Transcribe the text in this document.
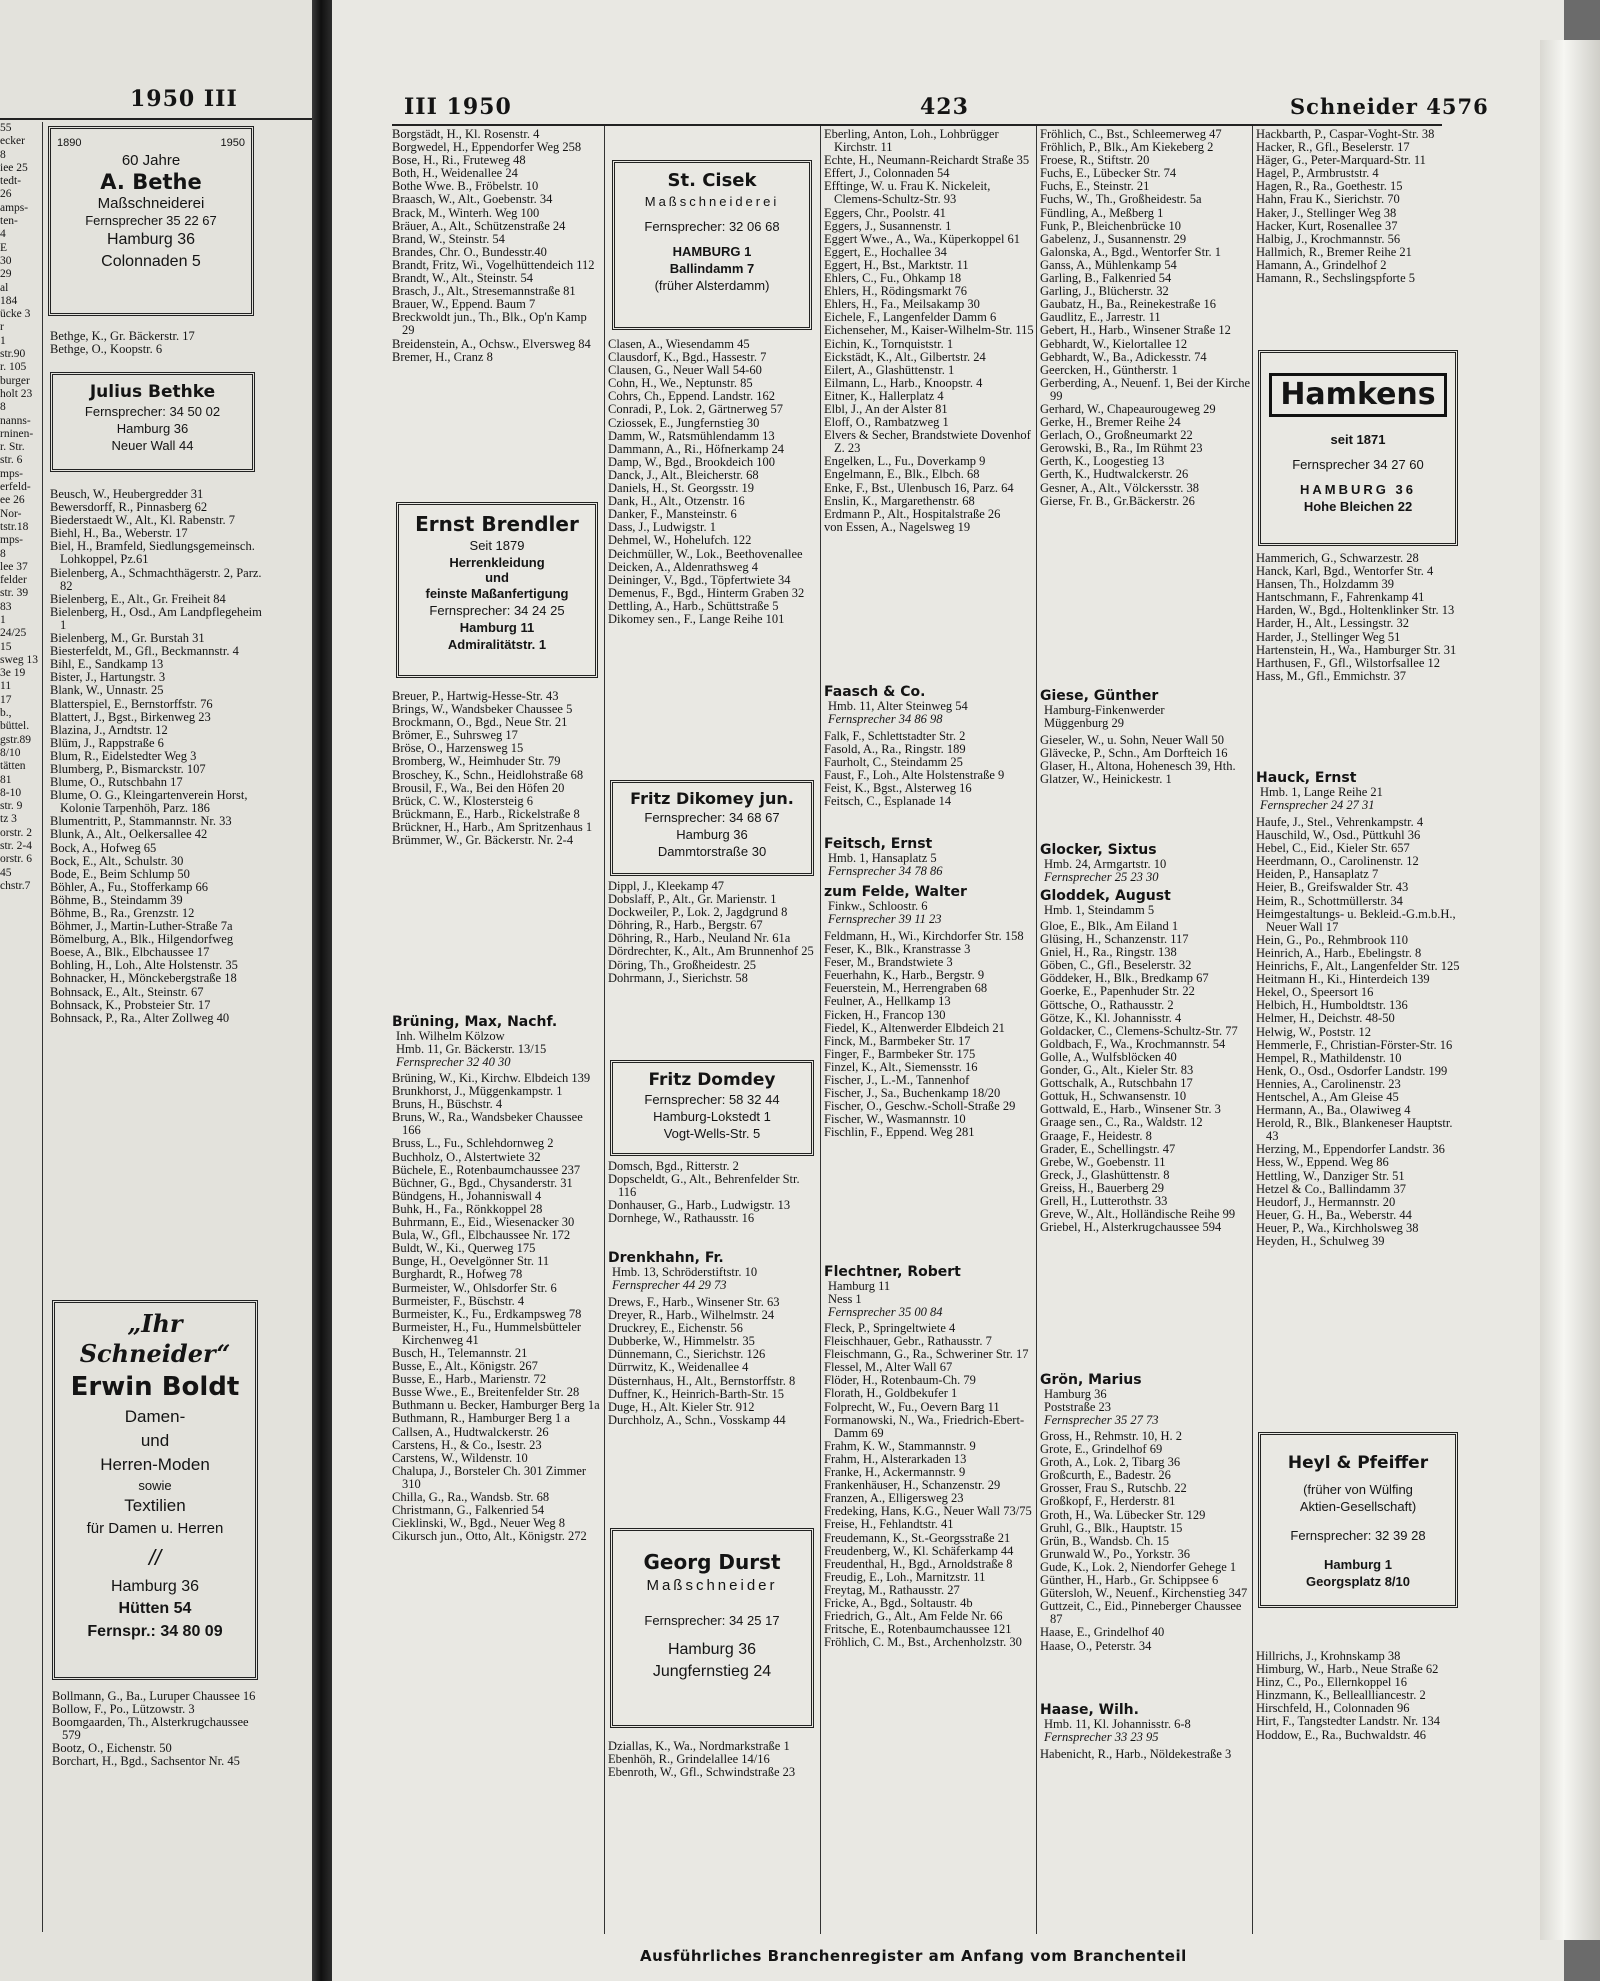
1950 III
55
ecker
8
iee 25
tedt-
26
amps-
ten-
4
E
30
29
al
184
ücke 3
r
1
str.90
r. 105
burger
holt 23
8
nanns-
rninen-
r. Str.
str. 6
mps-
erfeld-
ee 26
Nor-
tstr.18
mps-
8
lee 37
felder
str. 39
83
1
24/25
15
sweg 13
3e 19
11
17
b.,
büttel.
gstr.89
8/10
tätten
81
8-10
str. 9
tz 3
orstr. 2
str. 2-4
orstr. 6
45
chstr.7
1890	1950
60 Jahre
A. Bethe
Maßschneiderei
Fernsprecher 35 22 67
Hamburg 36
Colonnaden 5
Bethge, K., Gr. Bäckerstr. 17
Bethge, O., Koopstr. 6
Julius Bethke
Fernsprecher: 34 50 02
Hamburg 36
Neuer Wall 44
Beusch, W., Heubergredder 31
Bewersdorff, R., Pinnasberg 62
Biederstaedt W., Alt., Kl. Rabenstr. 7
Biehl, H., Ba., Weberstr. 17
Biel, H., Bramfeld, Siedlungsgemeinsch. Lohkoppel, Pz.61
Bielenberg, A., Schmachthägerstr. 2, Parz. 82
Bielenberg, E., Alt., Gr. Freiheit 84
Bielenberg, H., Osd., Am Landpflegeheim 1
Bielenberg, M., Gr. Burstah 31
Biesterfeldt, M., Gfl., Beckmannstr. 4
Bihl, E., Sandkamp 13
Bister, J., Hartungstr. 3
Blank, W., Unnastr. 25
Blatterspiel, E., Bernstorffstr. 76
Blattert, J., Bgst., Birkenweg 23
Blazina, J., Arndtstr. 12
Blüm, J., Rappstraße 6
Blum, R., Eidelstedter Weg 3
Blumberg, P., Bismarckstr. 107
Blume, O., Rutschbahn 17
Blume, O. G., Kleingartenverein Horst, Kolonie Tarpenhöh, Parz. 186
Blumentritt, P., Stammannstr. Nr. 33
Blunk, A., Alt., Oelkersallee 42
Bock, A., Hofweg 65
Bock, E., Alt., Schulstr. 30
Bode, E., Beim Schlump 50
Böhler, A., Fu., Stofferkamp 66
Böhme, B., Steindamm 39
Böhme, B., Ra., Grenzstr. 12
Böhmer, J., Martin-Luther-Straße 7a
Bömelburg, A., Blk., Hilgendorfweg
Boese, A., Blk., Elbchaussee 17
Bohling, H., Loh., Alte Holstenstr. 35
Bohnacker, H., Mönckebergstraße 18
Bohnsack, E., Alt., Steinstr. 67
Bohnsack, K., Probsteier Str. 17
Bohnsack, P., Ra., Alter Zollweg 40
„Ihr Schneider“
Erwin Boldt
Damen-
und
Herren-Moden
sowie
Textilien
für Damen u. Herren
//
Hamburg 36
Hütten 54
Fernspr.: 34 80 09
Bollmann, G., Ba., Luruper Chaussee 16
Bollow, F., Po., Lützowstr. 3
Boomgaarden, Th., Alsterkrugchaussee 579
Bootz, O., Eichenstr. 50
Borchart, H., Bgd., Sachsentor Nr. 45
III 1950	423	Schneider 4576
Borgstädt, H., Kl. Rosenstr. 4
Borgwedel, H., Eppendorfer Weg 258
Bose, H., Ri., Fruteweg 48
Both, H., Weidenallee 24
Bothe Wwe. B., Fröbelstr. 10
Braasch, W., Alt., Goebenstr. 34
Brack, M., Winterh. Weg 100
Bräuer, A., Alt., Schützenstraße 24
Brand, W., Steinstr. 54
Brandes, Chr. O., Bundesstr.40
Brandt, Fritz, Wi., Vogelhüttendeich 112
Brandt, W., Alt., Steinstr. 54
Brasch, J., Alt., Stresemannstraße 81
Brauer, W., Eppend. Baum 7
Breckwoldt jun., Th., Blk., Op'n Kamp 29
Breidenstein, A., Ochsw., Elversweg 84
Bremer, H., Cranz 8
Ernst Brendler
Seit 1879
Herrenkleidung
und
feinste Maßanfertigung
Fernsprecher: 34 24 25
Hamburg 11
Admiralitätstr. 1
Breuer, P., Hartwig-Hesse-Str. 43
Brings, W., Wandsbeker Chaussee 5
Brockmann, O., Bgd., Neue Str. 21
Brömer, E., Suhrsweg 17
Bröse, O., Harzensweg 15
Bromberg, W., Heimhuder Str. 79
Broschey, K., Schn., Heidlohstraße 68
Brousil, F., Wa., Bei den Höfen 20
Brück, C. W., Klostersteig 6
Brückmann, E., Harb., Rickelstraße 8
Brückner, H., Harb., Am Spritzenhaus 1
Brümmer, W., Gr. Bäckerstr. Nr. 2-4
Brüning, Max, Nachf.
Inh. Wilhelm Kölzow
Hmb. 11, Gr. Bäckerstr. 13/15
Fernsprecher 32 40 30
Brüning, W., Ki., Kirchw. Elbdeich 139
Brunkhorst, J., Müggenkampstr. 1
Bruns, H., Büschstr. 4
Bruns, W., Ra., Wandsbeker Chaussee 166
Bruss, L., Fu., Schlehdornweg 2
Buchholz, O., Alstertwiete 32
Büchele, E., Rotenbaumchaussee 237
Büchner, G., Bgd., Chysanderstr. 31
Bündgens, H., Johanniswall 4
Buhk, H., Fa., Rönkkoppel 28
Buhrmann, E., Eid., Wiesenacker 30
Bula, W., Gfl., Elbchaussee Nr. 172
Buldt, W., Ki., Querweg 175
Bunge, H., Oevelgönner Str. 11
Burghardt, R., Hofweg 78
Burmeister, W., Ohlsdorfer Str. 6
Burmeister, F., Büschstr. 4
Burmeister, K., Fu., Erdkampsweg 78
Burmeister, H., Fu., Hummelsbütteler Kirchenweg 41
Busch, H., Telemannstr. 21
Busse, E., Alt., Königstr. 267
Busse, E., Harb., Marienstr. 72
Busse Wwe., E., Breitenfelder Str. 28
Buthmann u. Becker, Hamburger Berg 1a
Buthmann, R., Hamburger Berg 1 a
Callsen, A., Hudtwalckerstr. 26
Carstens, H., & Co., Isestr. 23
Carstens, W., Wildenstr. 10
Chalupa, J., Borsteler Ch. 301 Zimmer 310
Chilla, G., Ra., Wandsb. Str. 68
Christmann, G., Falkenried 54
Cieklinski, W., Bgd., Neuer Weg 8
Cikursch jun., Otto, Alt., Königstr. 272
St. Cisek
Maßschneiderei
Fernsprecher: 32 06 68
HAMBURG 1
Ballindamm 7
(früher Alsterdamm)
Clasen, A., Wiesendamm 45
Clausdorf, K., Bgd., Hassestr. 7
Clausen, G., Neuer Wall 54-60
Cohn, H., We., Neptunstr. 85
Cohrs, Ch., Eppend. Landstr. 162
Conradi, P., Lok. 2, Gärtnerweg 57
Cziossek, E., Jungfernstieg 30
Damm, W., Ratsmühlendamm 13
Dammann, A., Ri., Höfnerkamp 24
Damp, W., Bgd., Brookdeich 100
Danck, J., Alt., Bleicherstr. 68
Daniels, H., St. Georgsstr. 19
Dank, H., Alt., Otzenstr. 16
Danker, F., Mansteinstr. 6
Dass, J., Ludwigstr. 1
Dehmel, W., Hohelufch. 122
Deichmüller, W., Lok., Beethovenallee
Deicken, A., Aldenrathsweg 4
Deininger, V., Bgd., Töpfertwiete 34
Demenus, F., Bgd., Hinterm Graben 32
Dettling, A., Harb., Schüttstraße 5
Dikomey sen., F., Lange Reihe 101
Fritz Dikomey jun.
Fernsprecher: 34 68 67
Hamburg 36
Dammtorstraße 30
Dippl, J., Kleekamp 47
Dobslaff, P., Alt., Gr. Marienstr. 1
Dockweiler, P., Lok. 2, Jagdgrund 8
Döhring, R., Harb., Bergstr. 67
Döhring, R., Harb., Neuland Nr. 61a
Dördrechter, K., Alt., Am Brunnenhof 25
Döring, Th., Großheidestr. 25
Dohrmann, J., Sierichstr. 58
Fritz Domdey
Fernsprecher: 58 32 44
Hamburg-Lokstedt 1
Vogt-Wells-Str. 5
Domsch, Bgd., Ritterstr. 2
Dopscheldt, G., Alt., Behrenfelder Str. 116
Donhauser, G., Harb., Ludwigstr. 13
Dornhege, W., Rathausstr. 16
Drenkhahn, Fr.
Hmb. 13, Schröderstiftstr. 10
Fernsprecher 44 29 73
Drews, F., Harb., Winsener Str. 63
Dreyer, R., Harb., Wilhelmstr. 24
Druckrey, E., Eichenstr. 56
Dubberke, W., Himmelstr. 35
Dünnemann, C., Sierichstr. 126
Dürrwitz, K., Weidenallee 4
Düsternhaus, H., Alt., Bernstorffstr. 8
Duffner, K., Heinrich-Barth-Str. 15
Duge, H., Alt. Kieler Str. 912
Durchholz, A., Schn., Vosskamp 44
Georg Durst
Maßschneider
Fernsprecher: 34 25 17
Hamburg 36
Jungfernstieg 24
Dziallas, K., Wa., Nordmarkstraße 1
Ebenhöh, R., Grindelallee 14/16
Ebenroth, W., Gfl., Schwindstraße 23
Eberling, Anton, Loh., Lohbrügger Kirchstr. 11
Echte, H., Neumann-Reichardt Straße 35
Effert, J., Colonnaden 54
Efftinge, W. u. Frau K. Nickeleit, Clemens-Schultz-Str. 93
Eggers, Chr., Poolstr. 41
Eggers, J., Susannenstr. 1
Eggert Wwe., A., Wa., Küperkoppel 61
Eggert, E., Hochallee 34
Eggert, H., Bst., Marktstr. 11
Ehlers, C., Fu., Ohkamp 18
Ehlers, H., Rödingsmarkt 76
Ehlers, H., Fa., Meilsakamp 30
Eichele, F., Langenfelder Damm 6
Eichenseher, M., Kaiser-Wilhelm-Str. 115
Eichin, K., Tornquiststr. 1
Eickstädt, K., Alt., Gilbertstr. 24
Eilert, A., Glashüttenstr. 1
Eilmann, L., Harb., Knoopstr. 4
Eitner, K., Hallerplatz 4
Elbl, J., An der Alster 81
Eloff, O., Rambatzweg 1
Elvers & Secher, Brandstwiete Dovenhof Z. 23
Engelken, L., Fu., Doverkamp 9
Engelmann, E., Blk., Elbch. 68
Enke, F., Bst., Ulenbusch 16, Parz. 64
Enslin, K., Margarethenstr. 68
Erdmann P., Alt., Hospitalstraße 26
von Essen, A., Nagelsweg 19
Faasch & Co.
Hmb. 11, Alter Steinweg 54
Fernsprecher 34 86 98
Falk, F., Schlettstadter Str. 2
Fasold, A., Ra., Ringstr. 189
Faurholt, C., Steindamm 25
Faust, F., Loh., Alte Holstenstraße 9
Feist, K., Bgst., Alsterweg 16
Feitsch, C., Esplanade 14
Feitsch, Ernst
Hmb. 1, Hansaplatz 5
Fernsprecher 34 78 86
zum Felde, Walter
Finkw., Schloostr. 6
Fernsprecher 39 11 23
Feldmann, H., Wi., Kirchdorfer Str. 158
Feser, K., Blk., Kranstrasse 3
Feser, M., Brandstwiete 3
Feuerhahn, K., Harb., Bergstr. 9
Feuerstein, M., Herrengraben 68
Feulner, A., Hellkamp 13
Ficken, H., Francop 130
Fiedel, K., Altenwerder Elbdeich 21
Finck, M., Barmbeker Str. 17
Finger, F., Barmbeker Str. 175
Finzel, K., Alt., Siemensstr. 16
Fischer, J., L.-M., Tannenhof
Fischer, J., Sa., Buchenkamp 18/20
Fischer, O., Geschw.-Scholl-Straße 29
Fischer, W., Wasmannstr. 10
Fischlin, F., Eppend. Weg 281
Flechtner, Robert
Hamburg 11
Ness 1
Fernsprecher 35 00 84
Fleck, P., Springeltwiete 4
Fleischhauer, Gebr., Rathausstr. 7
Fleischmann, G., Ra., Schweriner Str. 17
Flessel, M., Alter Wall 67
Flöder, H., Rotenbaum-Ch. 79
Florath, H., Goldbekufer 1
Folprecht, W., Fu., Oevern Barg 11
Formanowski, N., Wa., Friedrich-Ebert-Damm 69
Frahm, K. W., Stammannstr. 9
Frahm, H., Alsterarkaden 13
Franke, H., Ackermannstr. 9
Frankenhäuser, H., Schanzenstr. 29
Franzen, A., Elligersweg 23
Fredeking, Hans, K.G., Neuer Wall 73/75
Freise, H., Fehlandtstr. 41
Freudemann, K., St.-Georgsstraße 21
Freudenberg, W., Kl. Schäferkamp 44
Freudenthal, H., Bgd., Arnoldstraße 8
Freudig, E., Loh., Marnitzstr. 11
Freytag, M., Rathausstr. 27
Fricke, A., Bgd., Soltaustr. 4b
Friedrich, G., Alt., Am Felde Nr. 66
Fritsche, E., Rotenbaumchaussee 121
Fröhlich, C. M., Bst., Archenholzstr. 30
Fröhlich, C., Bst., Schleemerweg 47
Fröhlich, P., Blk., Am Kiekeberg 2
Froese, R., Stiftstr. 20
Fuchs, E., Lübecker Str. 74
Fuchs, E., Steinstr. 21
Fuchs, W., Th., Großheidestr. 5a
Fündling, A., Meßberg 1
Funk, P., Bleichenbrücke 10
Gabelenz, J., Susannenstr. 29
Galonska, A., Bgd., Wentorfer Str. 1
Ganss, A., Mühlenkamp 54
Garling, B., Falkenried 54
Garling, J., Blücherstr. 32
Gaubatz, H., Ba., Reinekestraße 16
Gaudlitz, E., Jarrestr. 11
Gebert, H., Harb., Winsener Straße 12
Gebhardt, W., Kielortallee 12
Gebhardt, W., Ba., Adickesstr. 74
Geercken, H., Güntherstr. 1
Gerberding, A., Neuenf. 1, Bei der Kirche 99
Gerhard, W., Chapeaurougeweg 29
Gerke, H., Bremer Reihe 24
Gerlach, O., Großneumarkt 22
Gerowski, B., Ra., Im Rühmt 23
Gerth, K., Loogestieg 13
Gerth, K., Hudtwalckerstr. 26
Gesner, A., Alt., Völckersstr. 38
Gierse, Fr. B., Gr.Bäckerstr. 26
Giese, Günther
Hamburg-Finkenwerder
Müggenburg 29
Gieseler, W., u. Sohn, Neuer Wall 50
Glävecke, P., Schn., Am Dorfteich 16
Glaser, H., Altona, Hohenesch 39, Hth.
Glatzer, W., Heinickestr. 1
Glocker, Sixtus
Hmb. 24, Armgartstr. 10
Fernsprecher 25 23 30
Gloddek, August
Hmb. 1, Steindamm 5
Gloe, E., Blk., Am Eiland 1
Glüsing, H., Schanzenstr. 117
Gniel, H., Ra., Ringstr. 138
Göben, C., Gfl., Beselerstr. 32
Göddeker, H., Blk., Bredkamp 67
Goerke, E., Papenhuder Str. 22
Göttsche, O., Rathausstr. 2
Götze, K., Kl. Johannisstr. 4
Goldacker, C., Clemens-Schultz-Str. 77
Goldbach, F., Wa., Krochmannstr. 54
Golle, A., Wulfsblöcken 40
Gonder, G., Alt., Kieler Str. 83
Gottschalk, A., Rutschbahn 17
Gottuk, H., Schwansenstr. 10
Gottwald, E., Harb., Winsener Str. 3
Graage sen., C., Ra., Waldstr. 12
Graage, F., Heidestr. 8
Grader, E., Schellingstr. 47
Grebe, W., Goebenstr. 11
Greck, J., Glashüttenstr. 8
Greiss, H., Bauerberg 29
Grell, H., Lutterothstr. 33
Greve, W., Alt., Holländische Reihe 99
Griebel, H., Alsterkrugchaussee 594
Grön, Marius
Hamburg 36
Poststraße 23
Fernsprecher 35 27 73
Gross, H., Rehmstr. 10, H. 2
Grote, E., Grindelhof 69
Groth, A., Lok. 2, Tibarg 36
Großcurth, E., Badestr. 26
Grosser, Frau S., Rutschb. 22
Großkopf, F., Herderstr. 81
Groth, H., Wa. Lübecker Str. 129
Gruhl, G., Blk., Hauptstr. 15
Grün, B., Wandsb. Ch. 15
Grunwald W., Po., Yorkstr. 36
Gude, K., Lok. 2, Niendorfer Gehege 1
Günther, H., Harb., Gr. Schippsee 6
Gütersloh, W., Neuenf., Kirchenstieg 347
Guttzeit, C., Eid., Pinneberger Chaussee 87
Haase, E., Grindelhof 40
Haase, O., Peterstr. 34
Haase, Wilh.
Hmb. 11, Kl. Johannisstr. 6-8
Fernsprecher 33 23 95
Habenicht, R., Harb., Nöldekestraße 3
Hackbarth, P., Caspar-Voght-Str. 38
Hacker, R., Gfl., Beselerstr. 17
Häger, G., Peter-Marquard-Str. 11
Hagel, P., Armbruststr. 4
Hagen, R., Ra., Goethestr. 15
Hahn, Frau K., Sierichstr. 70
Haker, J., Stellinger Weg 38
Hacker, Kurt, Rosenallee 37
Halbig, J., Krochmannstr. 56
Hallmich, R., Bremer Reihe 21
Hamann, A., Grindelhof 2
Hamann, R., Sechslingspforte 5
Hamkens
seit 1871
Fernsprecher 34 27 60
HAMBURG 36
Hohe Bleichen 22
Hammerich, G., Schwarzestr. 28
Hanck, Karl, Bgd., Wentorfer Str. 4
Hansen, Th., Holzdamm 39
Hantschmann, F., Fahrenkamp 41
Harden, W., Bgd., Holtenklinker Str. 13
Harder, H., Alt., Lessingstr. 32
Harder, J., Stellinger Weg 51
Hartenstein, H., Wa., Hamburger Str. 31
Harthusen, F., Gfl., Wilstorfsallee 12
Hass, M., Gfl., Emmichstr. 37
Hauck, Ernst
Hmb. 1, Lange Reihe 21
Fernsprecher 24 27 31
Haufe, J., Stel., Vehrenkampstr. 4
Hauschild, W., Osd., Püttkuhl 36
Hebel, C., Eid., Kieler Str. 657
Heerdmann, O., Carolinenstr. 12
Heiden, P., Hansaplatz 7
Heier, B., Greifswalder Str. 43
Heim, R., Schottmüllerstr. 34
Heimgestaltungs- u. Bekleid.-G.m.b.H., Neuer Wall 17
Hein, G., Po., Rehmbrook 110
Heinrich, A., Harb., Ebelingstr. 8
Heinrichs, F., Alt., Langenfelder Str. 125
Heitmann H., Ki., Hinterdeich 139
Hekel, O., Speersort 16
Helbich, H., Humboldtstr. 136
Helmer, H., Deichstr. 48-50
Helwig, W., Poststr. 12
Hemmerle, F., Christian-Förster-Str. 16
Hempel, R., Mathildenstr. 10
Henk, O., Osd., Osdorfer Landstr. 199
Hennies, A., Carolinenstr. 23
Hentschel, A., Am Gleise 45
Hermann, A., Ba., Olawiweg 4
Herold, R., Blk., Blankeneser Hauptstr. 43
Herzing, M., Eppendorfer Landstr. 36
Hess, W., Eppend. Weg 86
Hettling, W., Danziger Str. 51
Hetzel & Co., Ballindamm 37
Heudorf, J., Hermannstr. 20
Heuer, G. H., Ba., Weberstr. 44
Heuer, P., Wa., Kirchholsweg 38
Heyden, H., Schulweg 39
Heyl & Pfeiffer
(früher von Wülfing
Aktien-Gesellschaft)
Fernsprecher: 32 39 28
Hamburg 1
Georgsplatz 8/10
Hillrichs, J., Krohnskamp 38
Himburg, W., Harb., Neue Straße 62
Hinz, C., Po., Ellernkoppel 16
Hinzmann, K., Belleallliancestr. 2
Hirschfeld, H., Colonnaden 96
Hirt, F., Tangstedter Landstr. Nr. 134
Hoddow, E., Ra., Buchwaldstr. 46
Ausführliches Branchenregister am Anfang vom Branchenteil
